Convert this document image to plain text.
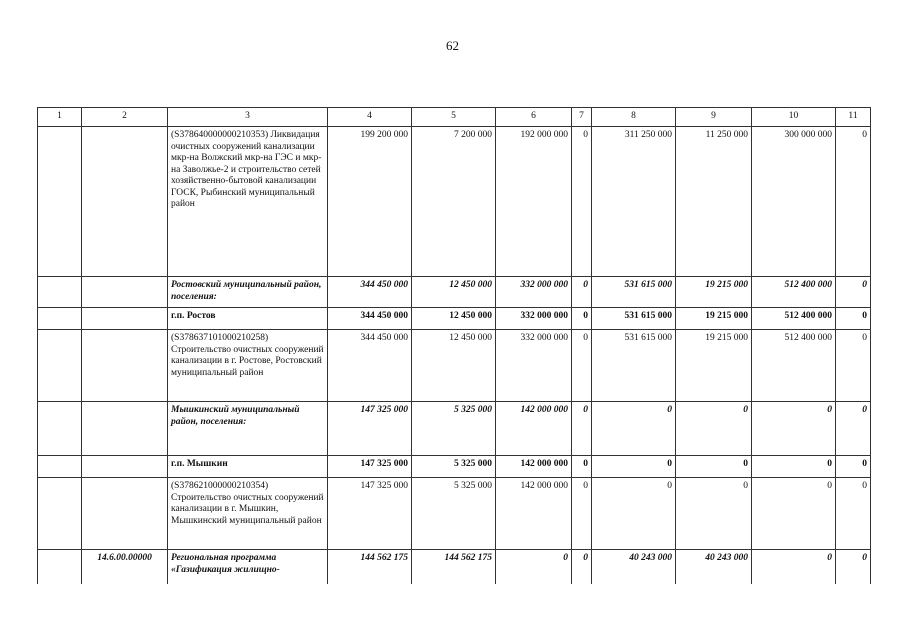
62
1	2	3	4	5	6	7	8	9	10	11
		(S378640000000210353) Ликвидация очистных сооружений канализации мкр-на Волжский мкр-на ГЭС и мкр-на Заволжье-2 и строительство сетей хозяйственно-бытовой канализации ГОСК, Рыбинский муниципальный район	199 200 000	7 200 000	192 000 000	0	311 250 000	11 250 000	300 000 000	0
		Ростовский муниципальный район, поселения:	344 450 000	12 450 000	332 000 000	0	531 615 000	19 215 000	512 400 000	0
		г.п. Ростов	344 450 000	12 450 000	332 000 000	0	531 615 000	19 215 000	512 400 000	0
		(S378637101000210258) Строительство очистных сооружений канализации в г. Ростове, Ростовский муниципальный район	344 450 000	12 450 000	332 000 000	0	531 615 000	19 215 000	512 400 000	0
		Мышкинский муниципальный район, поселения:	147 325 000	5 325 000	142 000 000	0	0	0	0	0
		г.п. Мышкин	147 325 000	5 325 000	142 000 000	0	0	0	0	0
		(S378621000000210354) Строительство очистных сооружений канализации в г. Мышкин, Мышкинский муниципальный район	147 325 000	5 325 000	142 000 000	0	0	0	0	0
	14.6.00.00000	Региональная программа «Газификация жилищно-	144 562 175	144 562 175	0	0	40 243 000	40 243 000	0	0
